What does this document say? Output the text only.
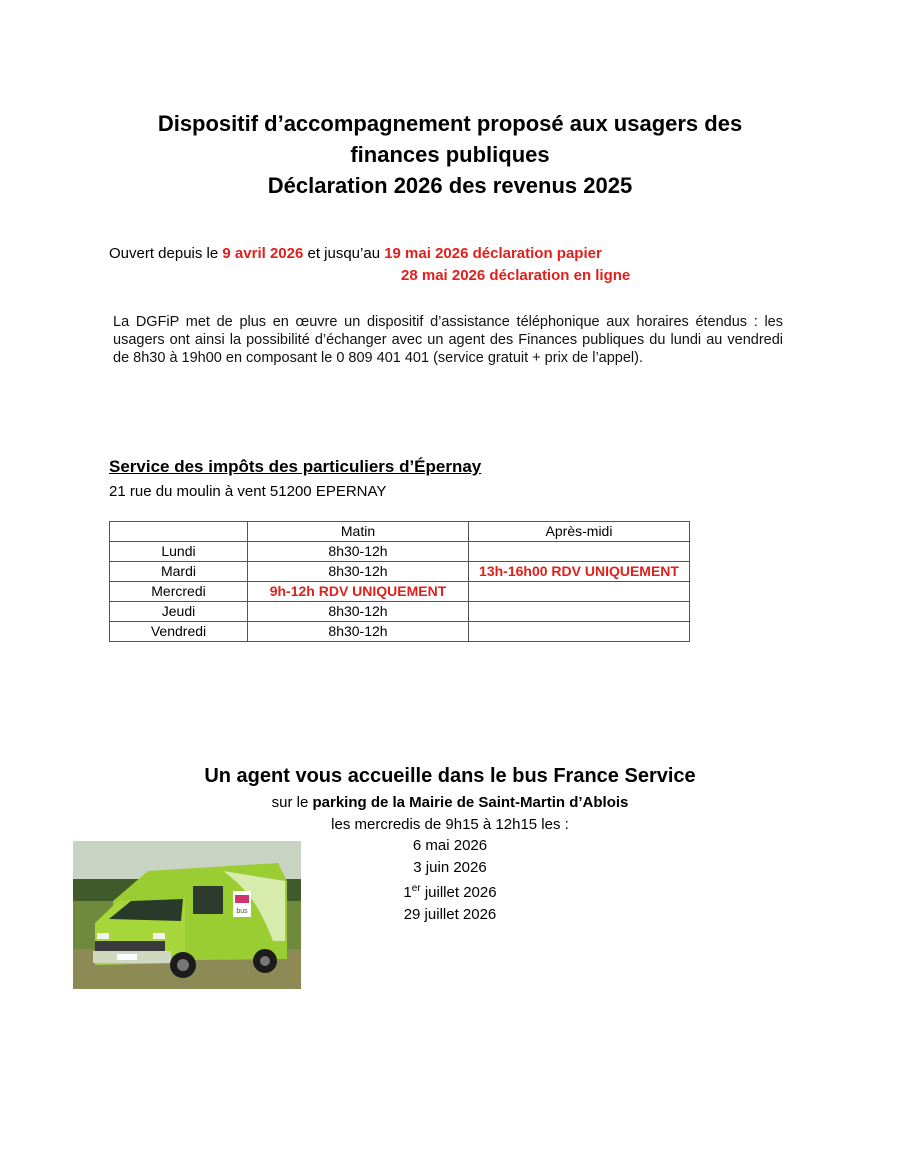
Dispositif d’accompagnement proposé aux usagers des
finances publiques
Déclaration 2026 des revenus 2025
Ouvert depuis le 9 avril 2026 et jusqu’au 19 mai 2026 déclaration papier
28 mai 2026 déclaration en ligne
La DGFiP met de plus en œuvre un dispositif d’assistance téléphonique aux horaires étendus : les usagers ont ainsi la possibilité d’échanger avec un agent des Finances publiques du lundi au vendredi de 8h30 à 19h00 en composant le 0 809 401 401 (service gratuit + prix de l’appel).
Service des impôts des particuliers d’Épernay
21 rue du moulin à vent 51200 EPERNAY
	Matin	Après-midi
Lundi	8h30-12h	
Mardi	8h30-12h	13h-16h00 RDV UNIQUEMENT
Mercredi	9h-12h RDV UNIQUEMENT	
Jeudi	8h30-12h	
Vendredi	8h30-12h	
Un agent vous accueille dans le bus France Service
sur le parking de la Mairie de Saint-Martin d’Ablois
les mercredis de 9h15 à 12h15 les :
6 mai 2026
3 juin 2026
1er juillet 2026
29 juillet 2026
bus
